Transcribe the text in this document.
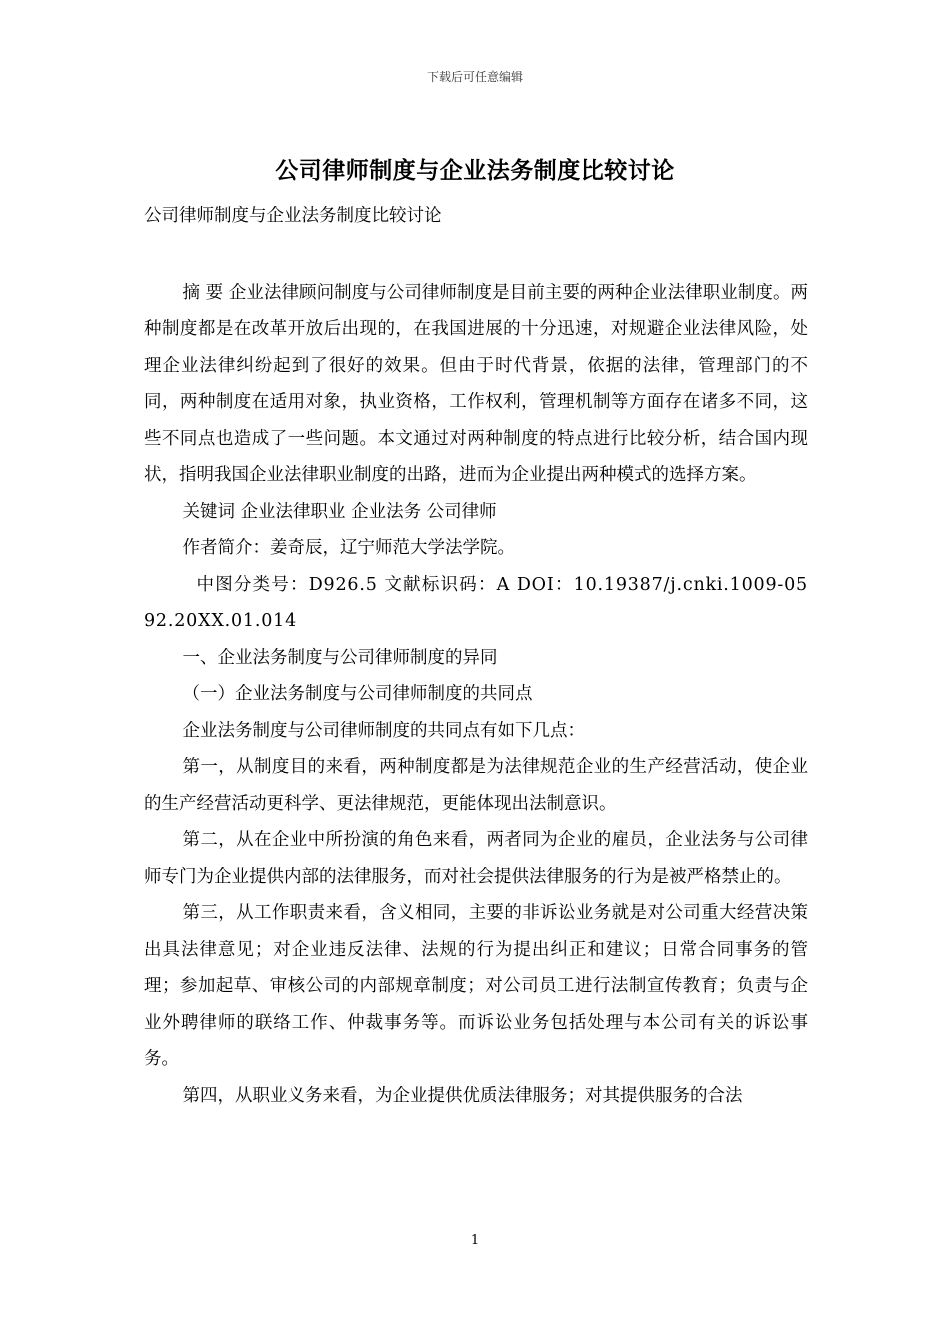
下载后可任意编辑
公司律师制度与企业法务制度比较讨论

公司律师制度与企业法务制度比较讨论

摘 要 企业法律顾问制度与公司律师制度是目前主要的两种企业法律职业制度。两种制度都是在改革开放后出现的，在我国进展的十分迅速，对规避企业法律风险，处理企业法律纠纷起到了很好的效果。但由于时代背景，依据的法律，管理部门的不同，两种制度在适用对象，执业资格，工作权利，管理机制等方面存在诸多不同，这些不同点也造成了一些问题。本文通过对两种制度的特点进行比较分析，结合国内现状，指明我国企业法律职业制度的出路，进而为企业提出两种模式的选择方案。

关键词 企业法律职业 企业法务 公司律师

作者简介：姜奇辰，辽宁师范大学法学院。

中图分类号：D926.5 文献标识码：A DOI：10.19387/j.cnki.1009-0592.20XX.01.014

一、企业法务制度与公司律师制度的异同

（一）企业法务制度与公司律师制度的共同点

企业法务制度与公司律师制度的共同点有如下几点：

第一，从制度目的来看，两种制度都是为法律规范企业的生产经营活动，使企业的生产经营活动更科学、更法律规范，更能体现出法制意识。

第二，从在企业中所扮演的角色来看，两者同为企业的雇员，企业法务与公司律师专门为企业提供内部的法律服务，而对社会提供法律服务的行为是被严格禁止的。

第三，从工作职责来看，含义相同，主要的非诉讼业务就是对公司重大经营决策出具法律意见；对企业违反法律、法规的行为提出纠正和建议；日常合同事务的管理；参加起草、审核公司的内部规章制度；对公司员工进行法制宣传教育；负责与企业外聘律师的联络工作、仲裁事务等。而诉讼业务包括处理与本公司有关的诉讼事务。

第四，从职业义务来看，为企业提供优质法律服务；对其提供服务的合法

1
